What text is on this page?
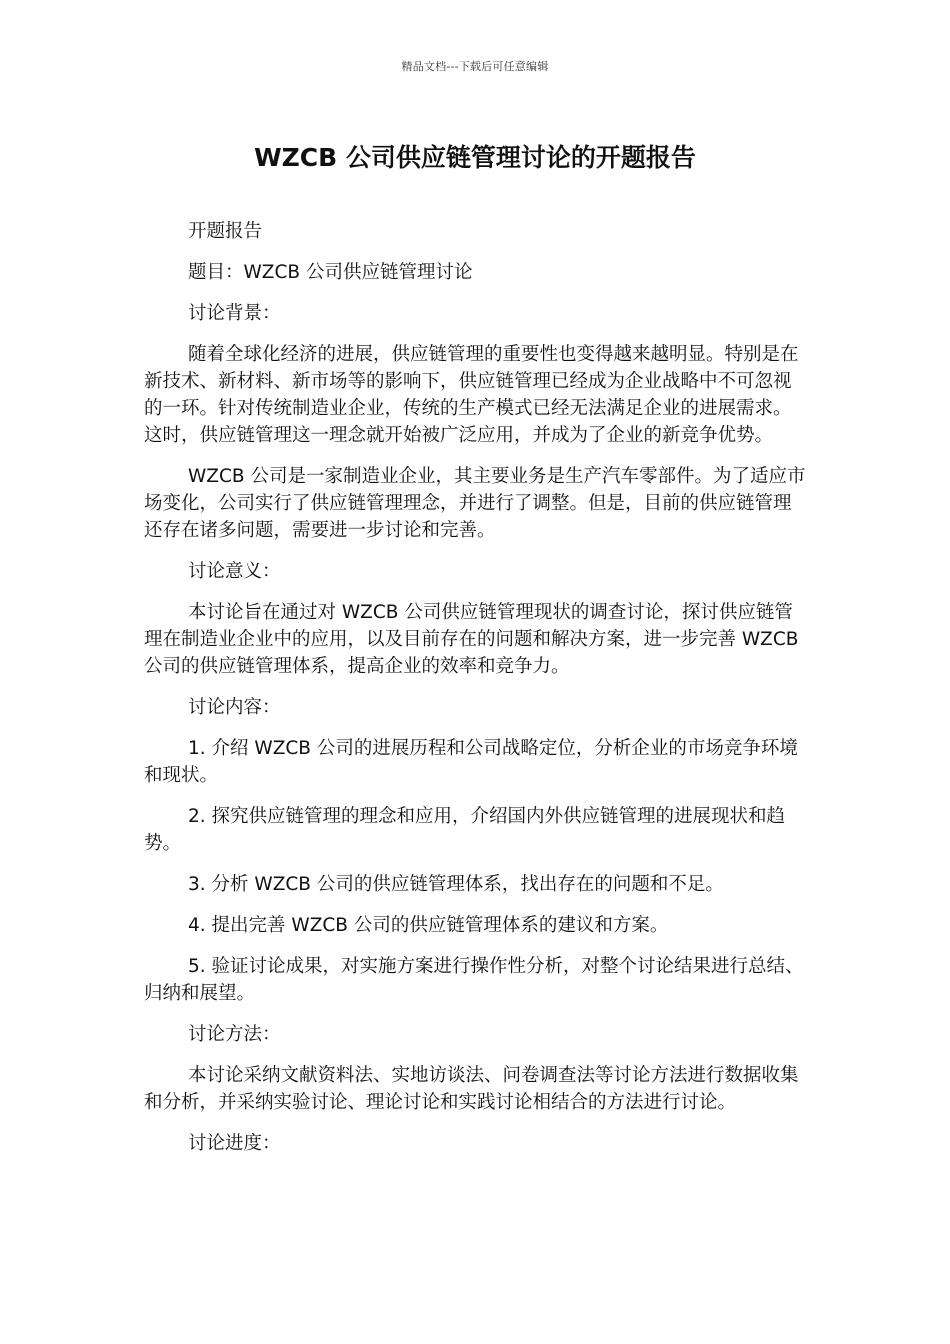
精品文档---下载后可任意编辑
WZCB 公司供应链管理讨论的开题报告

开题报告

题目：WZCB 公司供应链管理讨论

讨论背景：

随着全球化经济的进展，供应链管理的重要性也变得越来越明显。特别是在新技术、新材料、新市场等的影响下，供应链管理已经成为企业战略中不可忽视的一环。针对传统制造业企业，传统的生产模式已经无法满足企业的进展需求。这时，供应链管理这一理念就开始被广泛应用，并成为了企业的新竞争优势。

WZCB 公司是一家制造业企业，其主要业务是生产汽车零部件。为了适应市场变化，公司实行了供应链管理理念，并进行了调整。但是，目前的供应链管理还存在诸多问题，需要进一步讨论和完善。

讨论意义：

本讨论旨在通过对 WZCB 公司供应链管理现状的调查讨论，探讨供应链管理在制造业企业中的应用，以及目前存在的问题和解决方案，进一步完善 WZCB 公司的供应链管理体系，提高企业的效率和竞争力。

讨论内容：

1. 介绍 WZCB 公司的进展历程和公司战略定位，分析企业的市场竞争环境和现状。

2. 探究供应链管理的理念和应用，介绍国内外供应链管理的进展现状和趋势。

3. 分析 WZCB 公司的供应链管理体系，找出存在的问题和不足。

4. 提出完善 WZCB 公司的供应链管理体系的建议和方案。

5. 验证讨论成果，对实施方案进行操作性分析，对整个讨论结果进行总结、归纳和展望。

讨论方法：

本讨论采纳文献资料法、实地访谈法、问卷调查法等讨论方法进行数据收集和分析，并采纳实验讨论、理论讨论和实践讨论相结合的方法进行讨论。

讨论进度：
